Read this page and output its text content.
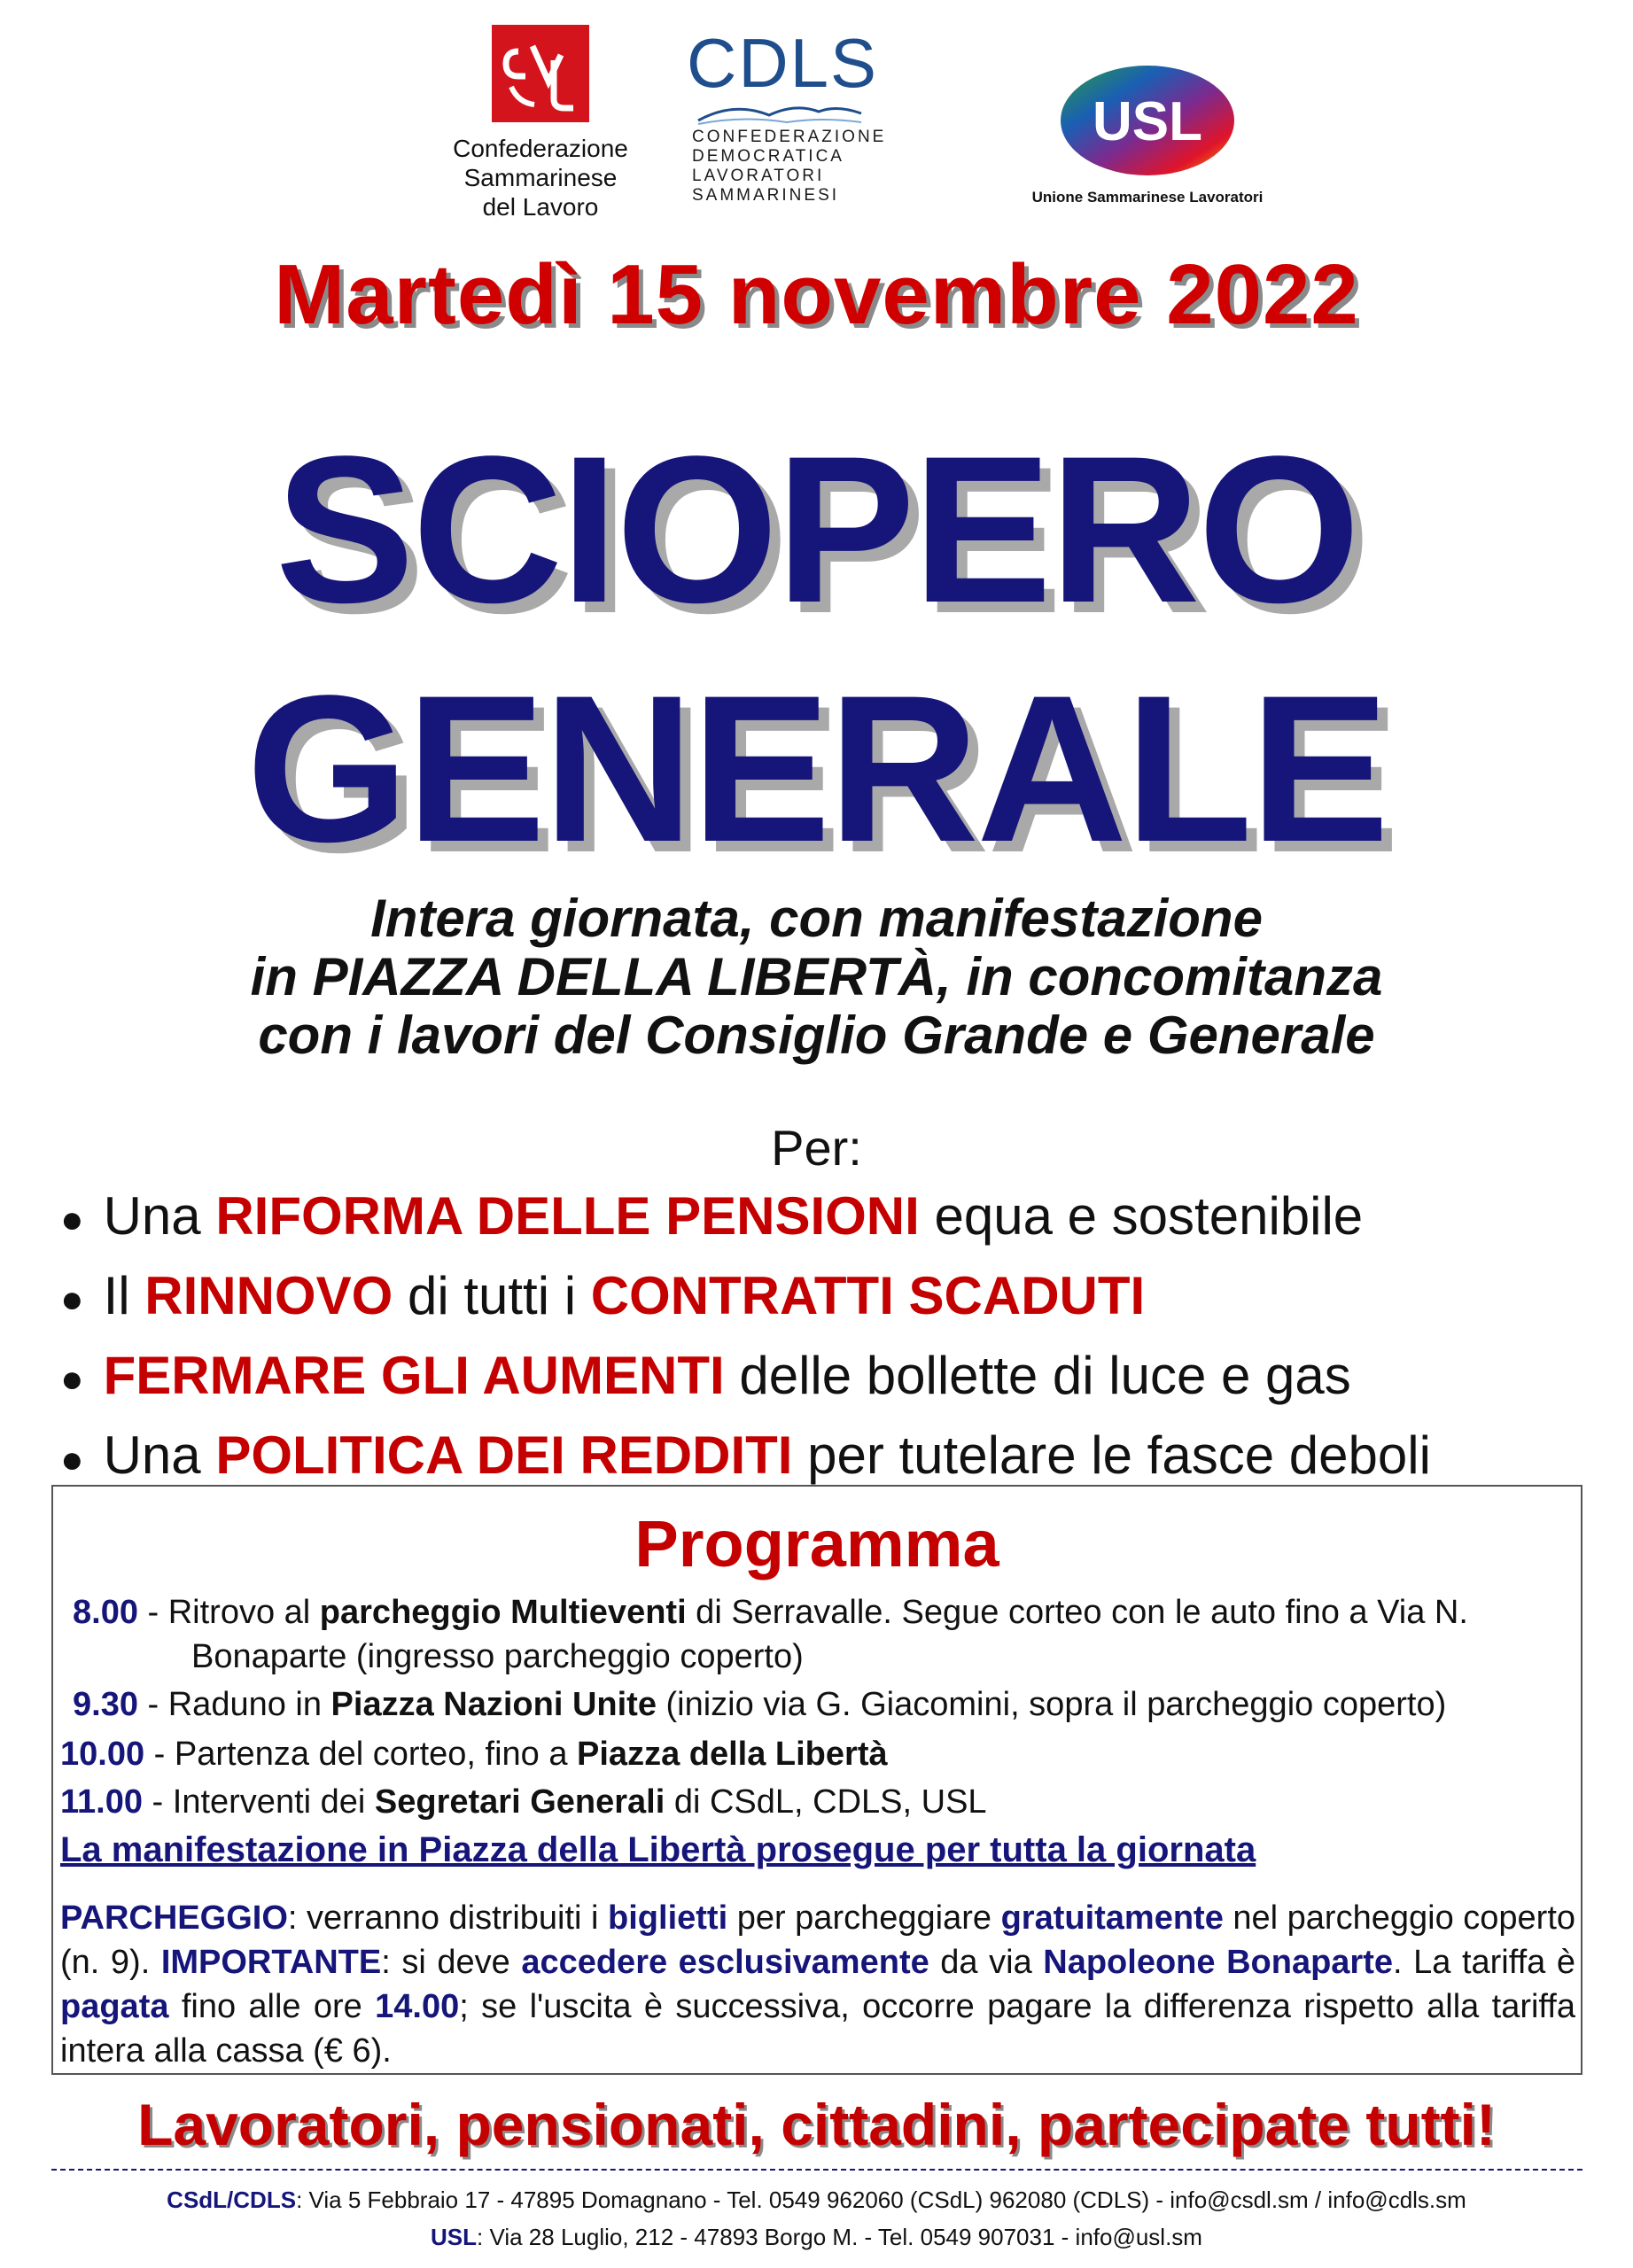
Confederazione
Sammarinese
del Lavoro
CDLS
CONFEDERAZIONE
DEMOCRATICA
LAVORATORI
SAMMARINESI
USL
Unione Sammarinese Lavoratori
Martedì 15 novembre 2022
SCIOPERO
GENERALE
Intera giornata, con manifestazione
in PIAZZA DELLA LIBERTÀ, in concomitanza
con i lavori del Consiglio Grande e Generale
Per:
● Una RIFORMA DELLE PENSIONI equa e sostenibile
● Il RINNOVO di tutti i CONTRATTI SCADUTI
● FERMARE GLI AUMENTI delle bollette di luce e gas
● Una POLITICA DEI REDDITI per tutelare le fasce deboli
Programma
8.00 - Ritrovo al parcheggio Multieventi di Serravalle. Segue corteo con le auto fino a Via N.
Bonaparte (ingresso parcheggio coperto)
9.30 - Raduno in Piazza Nazioni Unite (inizio via G. Giacomini, sopra il parcheggio coperto)
10.00 - Partenza del corteo, fino a Piazza della Libertà
11.00 - Interventi dei Segretari Generali di CSdL, CDLS, USL
La manifestazione in Piazza della Libertà prosegue per tutta la giornata
PARCHEGGIO: verranno distribuiti i biglietti per parcheggiare gratuitamente nel parcheggio coperto (n. 9). IMPORTANTE: si deve accedere esclusivamente da via Napoleone Bonaparte. La tariffa è pagata fino alle ore 14.00; se l'uscita è successiva, occorre pagare la differenza rispetto alla tariffa intera alla cassa (€ 6).
Lavoratori, pensionati, cittadini, partecipate tutti!
CSdL/CDLS: Via 5 Febbraio 17 - 47895 Domagnano - Tel. 0549 962060 (CSdL) 962080 (CDLS) - info@csdl.sm / info@cdls.sm
USL: Via 28 Luglio, 212 - 47893 Borgo M. - Tel. 0549 907031 - info@usl.sm
